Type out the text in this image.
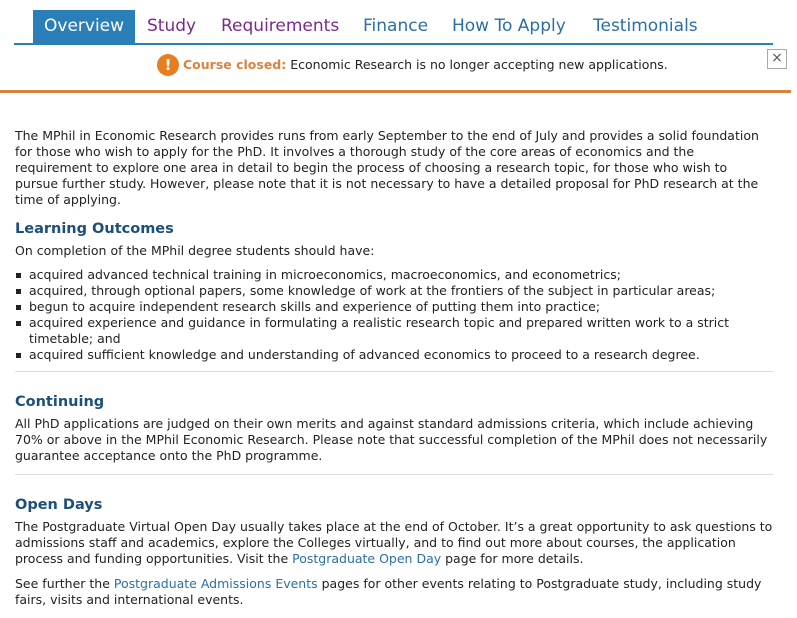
Overview	Study Requirements Finance How To Apply Testimonials
! Course closed: Economic Research is no longer accepting new applications.	×

The MPhil in Economic Research provides runs from early September to the end of July and provides a solid foundation for those who wish to apply for the PhD. It involves a thorough study of the core areas of economics and the requirement to explore one area in detail to begin the process of choosing a research topic, for those who wish to pursue further study. However, please note that it is not necessary to have a detailed proposal for PhD research at the time of applying.

Learning Outcomes

On completion of the MPhil degree students should have:

acquired advanced technical training in microeconomics, macroeconomics, and econometrics;
acquired, through optional papers, some knowledge of work at the frontiers of the subject in particular areas;
begun to acquire independent research skills and experience of putting them into practice;
acquired experience and guidance in formulating a realistic research topic and prepared written work to a strict timetable; and
acquired sufficient knowledge and understanding of advanced economics to proceed to a research degree.
Continuing

All PhD applications are judged on their own merits and against standard admissions criteria, which include achieving 70% or above in the MPhil Economic Research. Please note that successful completion of the MPhil does not necessarily guarantee acceptance onto the PhD programme.

Open Days

The Postgraduate Virtual Open Day usually takes place at the end of October. It’s a great opportunity to ask questions to admissions staff and academics, explore the Colleges virtually, and to find out more about courses, the application process and funding opportunities. Visit the Postgraduate Open Day page for more details.

See further the Postgraduate Admissions Events pages for other events relating to Postgraduate study, including study fairs, visits and international events.
